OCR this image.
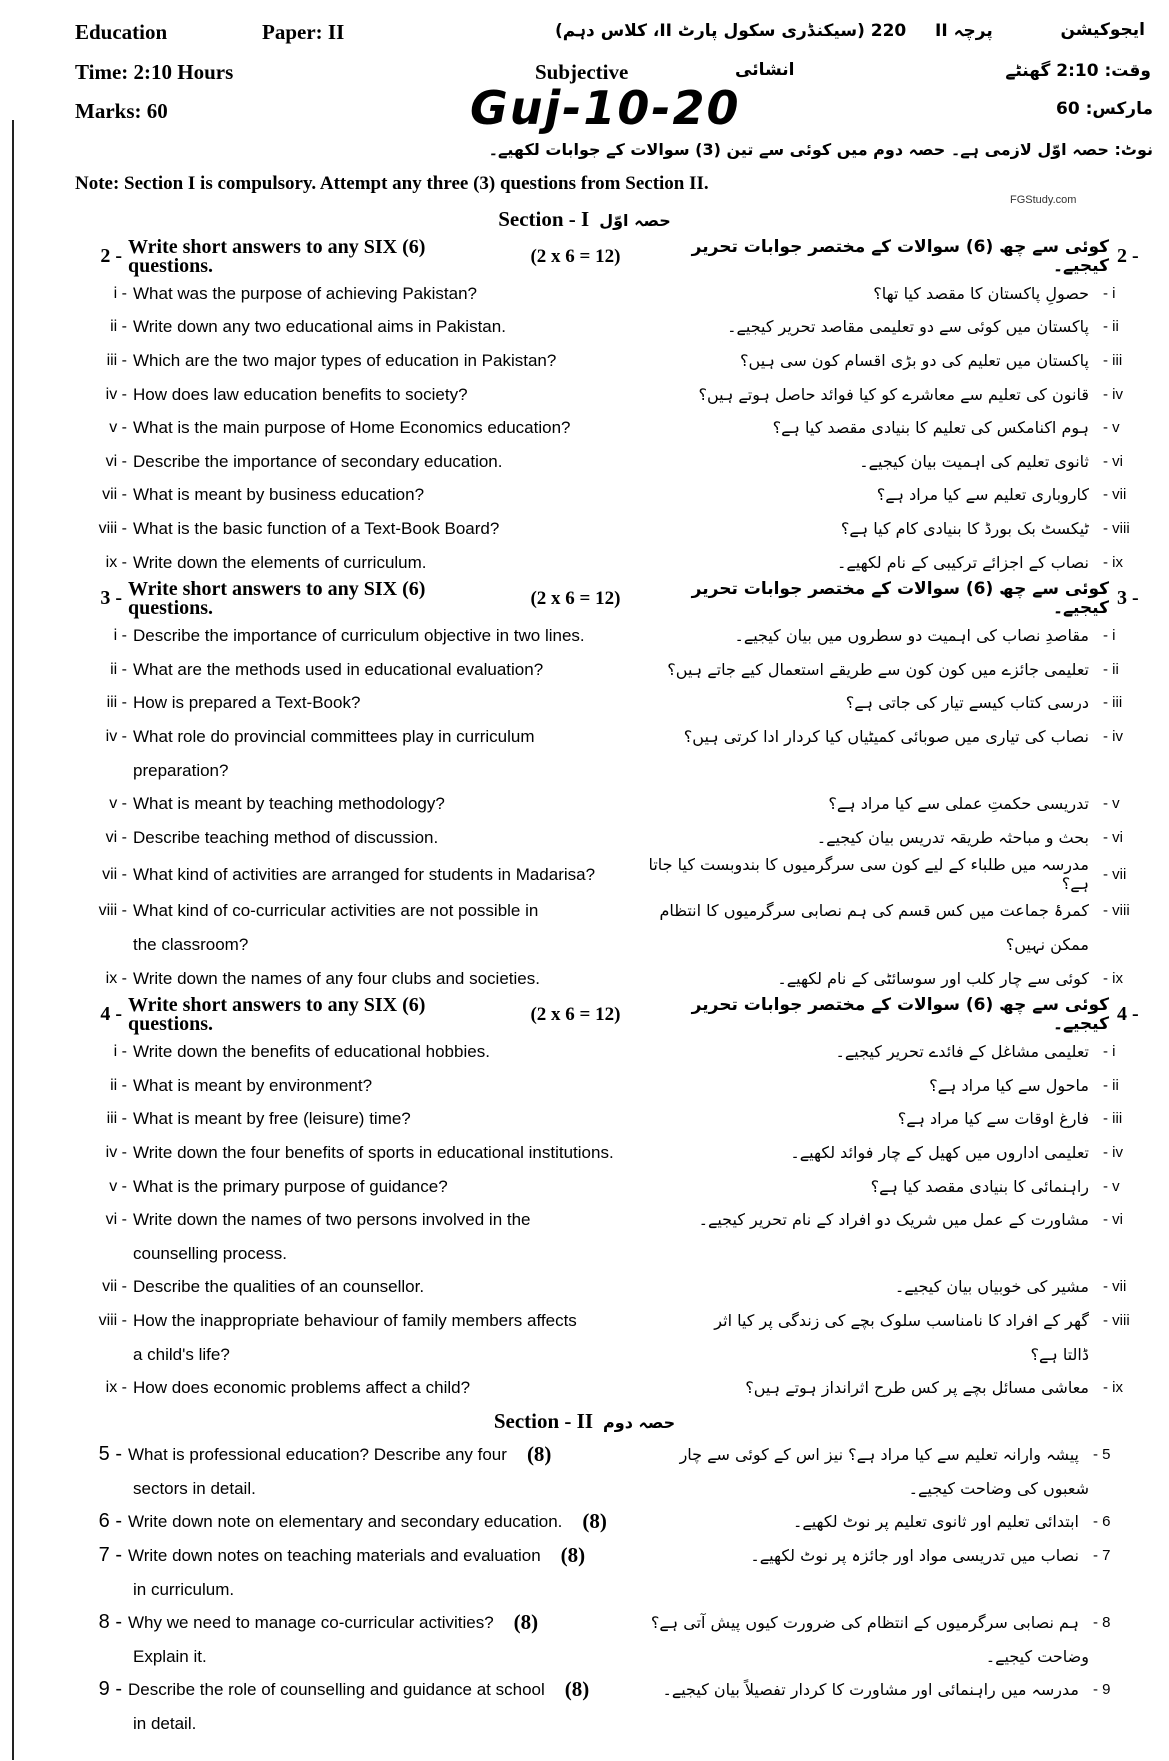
Education	Paper: II	220 (سیکنڈری سکول پارٹ II، کلاس دہم) پرچہ II	ایجوکیشن
Time: 2:10 Hours	Subjective	انشائی	وقت: 2:10 گھنٹے
Marks: 60	Guj-10-20	مارکس: 60
نوٹ: حصہ اوّل لازمی ہے۔ حصہ دوم میں کوئی سے تین (3) سوالات کے جوابات لکھیے۔
Note: Section I is compulsory. Attempt any three (3) questions from Section II.
FGStudy.com
Section - I حصہ اوّل
2 - Write short answers to any SIX (6) questions.	(2 x 6 = 12)	کوئی سے چھ (6) سوالات کے مختصر جوابات تحریر کیجیے۔ 2 -
i - What was the purpose of achieving Pakistan?	حصولِ پاکستان کا مقصد کیا تھا؟ - i
ii - Write down any two educational aims in Pakistan.	پاکستان میں کوئی سے دو تعلیمی مقاصد تحریر کیجیے۔ - ii
iii - Which are the two major types of education in Pakistan?	پاکستان میں تعلیم کی دو بڑی اقسام کون سی ہیں؟ - iii
iv - How does law education benefits to society?	قانون کی تعلیم سے معاشرے کو کیا فوائد حاصل ہوتے ہیں؟ - iv
v - What is the main purpose of Home Economics education?	ہوم اکنامکس کی تعلیم کا بنیادی مقصد کیا ہے؟ - v
vi - Describe the importance of secondary education.	ثانوی تعلیم کی اہمیت بیان کیجیے۔ - vi
vii - What is meant by business education?	کاروباری تعلیم سے کیا مراد ہے؟ - vii
viii - What is the basic function of a Text-Book Board?	ٹیکسٹ بک بورڈ کا بنیادی کام کیا ہے؟ - viii
ix - Write down the elements of curriculum.	نصاب کے اجزائے ترکیبی کے نام لکھیے۔ - ix
3 - Write short answers to any SIX (6) questions.	(2 x 6 = 12)	کوئی سے چھ (6) سوالات کے مختصر جوابات تحریر کیجیے۔ 3 -
i - Describe the importance of curriculum objective in two lines.	مقاصدِ نصاب کی اہمیت دو سطروں میں بیان کیجیے۔ - i
ii - What are the methods used in educational evaluation?	تعلیمی جائزے میں کون کون سے طریقے استعمال کیے جاتے ہیں؟ - ii
iii - How is prepared a Text-Book?	درسی کتاب کیسے تیار کی جاتی ہے؟ - iii
iv - What role do provincial committees play in curriculum	نصاب کی تیاری میں صوبائی کمیٹیاں کیا کردار ادا کرتی ہیں؟ - iv
preparation?
v - What is meant by teaching methodology?	تدریسی حکمتِ عملی سے کیا مراد ہے؟ - v
vi - Describe teaching method of discussion.	بحث و مباحثہ طریقہ تدریس بیان کیجیے۔ - vi
vii - What kind of activities are arranged for students in Madarisa?	مدرسہ میں طلباء کے لیے کون سی سرگرمیوں کا بندوبست کیا جاتا ہے؟ - vii
viii - What kind of co-curricular activities are not possible in	کمرۂ جماعت میں کس قسم کی ہم نصابی سرگرمیوں کا انتظام - viii
the classroom?	ممکن نہیں؟
ix - Write down the names of any four clubs and societies.	کوئی سے چار کلب اور سوسائٹی کے نام لکھیے۔ - ix
4 - Write short answers to any SIX (6) questions.	(2 x 6 = 12)	کوئی سے چھ (6) سوالات کے مختصر جوابات تحریر کیجیے۔ 4 -
i - Write down the benefits of educational hobbies.	تعلیمی مشاغل کے فائدے تحریر کیجیے۔ - i
ii - What is meant by environment?	ماحول سے کیا مراد ہے؟ - ii
iii - What is meant by free (leisure) time?	فارغ اوقات سے کیا مراد ہے؟ - iii
iv - Write down the four benefits of sports in educational institutions.	تعلیمی اداروں میں کھیل کے چار فوائد لکھیے۔ - iv
v - What is the primary purpose of guidance?	راہنمائی کا بنیادی مقصد کیا ہے؟ - v
vi - Write down the names of two persons involved in the	مشاورت کے عمل میں شریک دو افراد کے نام تحریر کیجیے۔ - vi
counselling process.
vii - Describe the qualities of an counsellor.	مشیر کی خوبیاں بیان کیجیے۔ - vii
viii - How the inappropriate behaviour of family members affects	گھر کے افراد کا نامناسب سلوک بچے کی زندگی پر کیا اثر - viii
a child's life?	ڈالتا ہے؟
ix - How does economic problems affect a child?	معاشی مسائل بچے پر کس طرح اثرانداز ہوتے ہیں؟ - ix
Section - II حصہ دوم
5 - What is professional education? Describe any four (8)	پیشہ وارانہ تعلیم سے کیا مراد ہے؟ نیز اس کے کوئی سے چار - 5
sectors in detail.	شعبوں کی وضاحت کیجیے۔
6 - Write down note on elementary and secondary education. (8)	ابتدائی تعلیم اور ثانوی تعلیم پر نوٹ لکھیے۔ - 6
7 - Write down notes on teaching materials and evaluation (8)	نصاب میں تدریسی مواد اور جائزہ پر نوٹ لکھیے۔ - 7
in curriculum.
8 - Why we need to manage co-curricular activities? (8)	ہم نصابی سرگرمیوں کے انتظام کی ضرورت کیوں پیش آتی ہے؟ - 8
Explain it.	وضاحت کیجیے۔
9 - Describe the role of counselling and guidance at school (8)	مدرسہ میں راہنمائی اور مشاورت کا کردار تفصیلاً بیان کیجیے۔ - 9
in detail.
